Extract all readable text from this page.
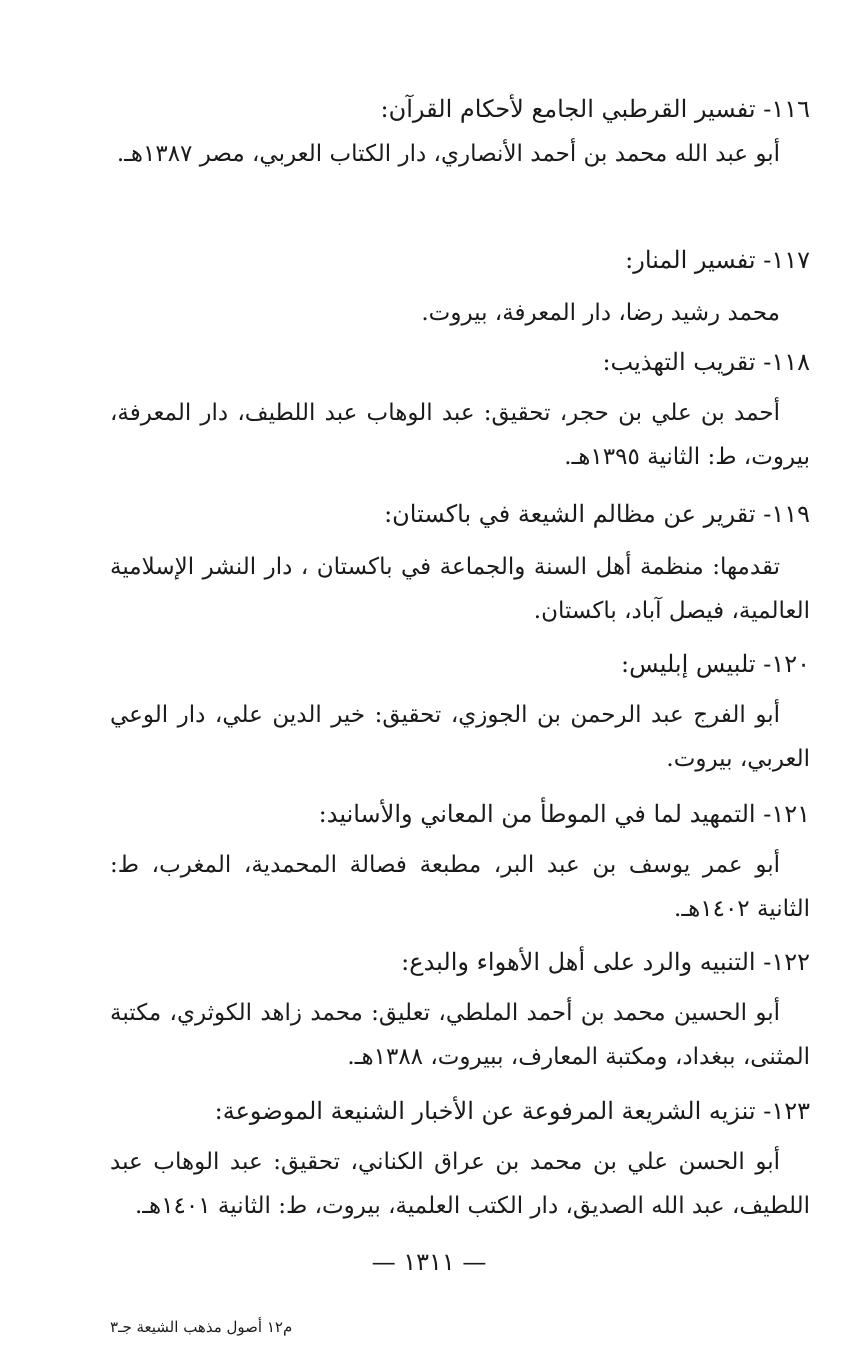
١١٦- تفسير القرطبي الجامع لأحكام القرآن:
أبو عبد الله محمد بن أحمد الأنصاري، دار الكتاب العربي، مصر ١٣٨٧هـ.
١١٧- تفسير المنار:
محمد رشيد رضا، دار المعرفة، بيروت.
١١٨- تقريب التهذيب:
أحمد بن علي بن حجر، تحقيق: عبد الوهاب عبد اللطيف، دار المعرفة، بيروت، ط: الثانية ١٣٩٥هـ.
١١٩- تقرير عن مظالم الشيعة في باكستان:
تقدمها: منظمة أهل السنة والجماعة في باكستان ، دار النشر الإسلامية العالمية، فيصل آباد، باكستان.
١٢٠- تلبيس إبليس:
أبو الفرج عبد الرحمن بن الجوزي، تحقيق: خير الدين علي، دار الوعي العربي، بيروت.
١٢١- التمهيد لما في الموطأ من المعاني والأسانيد:
أبو عمر يوسف بن عبد البر، مطبعة فصالة المحمدية، المغرب، ط: الثانية ١٤٠٢هـ.
١٢٢- التنبيه والرد على أهل الأهواء والبدع:
أبو الحسين محمد بن أحمد الملطي، تعليق: محمد زاهد الكوثري، مكتبة المثنى، ببغداد، ومكتبة المعارف، ببيروت، ١٣٨٨هـ.
١٢٣- تنزيه الشريعة المرفوعة عن الأخبار الشنيعة الموضوعة:
أبو الحسن علي بن محمد بن عراق الكناني، تحقيق: عبد الوهاب عبد اللطيف، عبد الله الصديق، دار الكتب العلمية، بيروت، ط: الثانية ١٤٠١هـ.
— ١٣١١ —
م١٢ أصول مذهب الشيعة جـ٣
